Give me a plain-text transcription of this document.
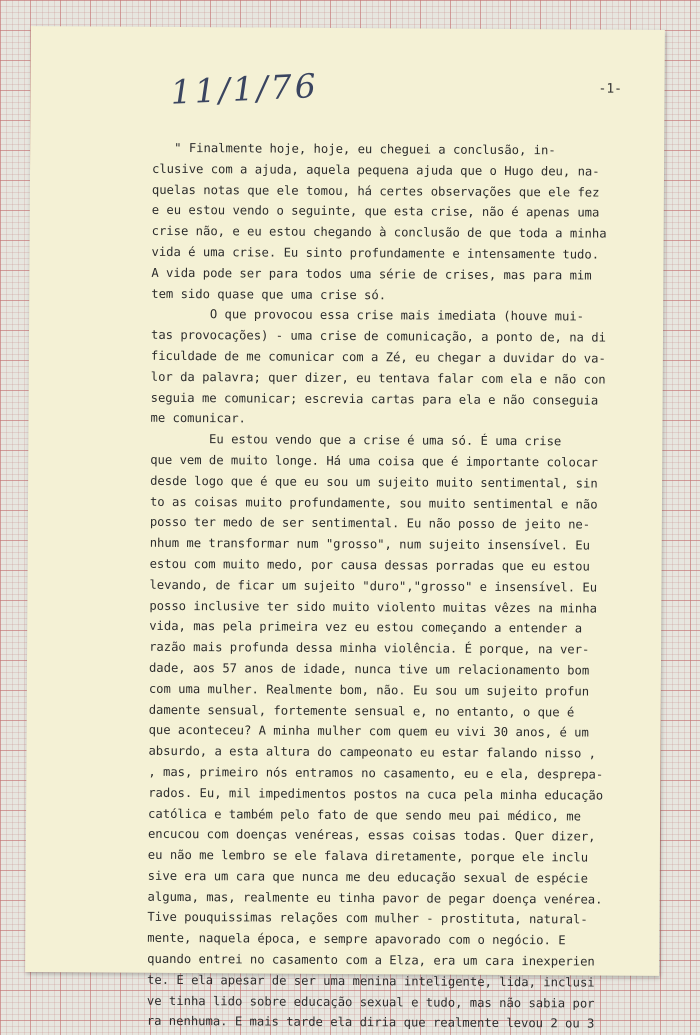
11/1/76	-1-
" Finalmente hoje, hoje, eu cheguei a conclusão, in-
clusive com a ajuda, aquela pequena ajuda que o Hugo deu, na-
quelas notas que ele tomou, há certes observações que ele fez
e eu estou vendo o seguinte, que esta crise, não é apenas uma
crise não, e eu estou chegando à conclusão de que toda a minha
vida é uma crise. Eu sinto profundamente e intensamente tudo.
A vida pode ser para todos uma série de crises, mas para mim
tem sido quase que uma crise só.
O que provocou essa crise mais imediata (houve mui-
tas provocações) - uma crise de comunicação, a ponto de, na di
ficuldade de me comunicar com a Zé, eu chegar a duvidar do va-
lor da palavra; quer dizer, eu tentava falar com ela e não con
seguia me comunicar; escrevia cartas para ela e não conseguia
me comunicar.
Eu estou vendo que a crise é uma só. É uma crise
que vem de muito longe. Há uma coisa que é importante colocar
desde logo que é que eu sou um sujeito muito sentimental, sin
to as coisas muito profundamente, sou muito sentimental e não
posso ter medo de ser sentimental. Eu não posso de jeito ne-
nhum me transformar num "grosso", num sujeito insensível. Eu
estou com muito medo, por causa dessas porradas que eu estou
levando, de ficar um sujeito "duro","grosso" e insensível. Eu
posso inclusive ter sido muito violento muitas vêzes na minha
vida, mas pela primeira vez eu estou começando a entender a
razão mais profunda dessa minha violência. É porque, na ver-
dade, aos 57 anos de idade, nunca tive um relacionamento bom
com uma mulher. Realmente bom, não. Eu sou um sujeito profun
damente sensual, fortemente sensual e, no entanto, o que é
que aconteceu? A minha mulher com quem eu vivi 30 anos, é um
absurdo, a esta altura do campeonato eu estar falando nisso ,
, mas, primeiro nós entramos no casamento, eu e ela, desprepa-
rados. Eu, mil impedimentos postos na cuca pela minha educação
católica e também pelo fato de que sendo meu pai médico, me
encucou com doenças venéreas, essas coisas todas. Quer dizer,
eu não me lembro se ele falava diretamente, porque ele inclu
sive era um cara que nunca me deu educação sexual de espécie
alguma, mas, realmente eu tinha pavor de pegar doença venérea.
Tive pouquissimas relações com mulher - prostituta, natural-
mente, naquela época, e sempre apavorado com o negócio. E
quando entrei no casamento com a Elza, era um cara inexperien
te. E ela apesar de ser uma menina inteligente, lida, inclusi
ve tinha lido sobre educação sexual e tudo, mas não sabia por
ra nenhuma. E mais tarde ela diria que realmente levou 2 ou 3
